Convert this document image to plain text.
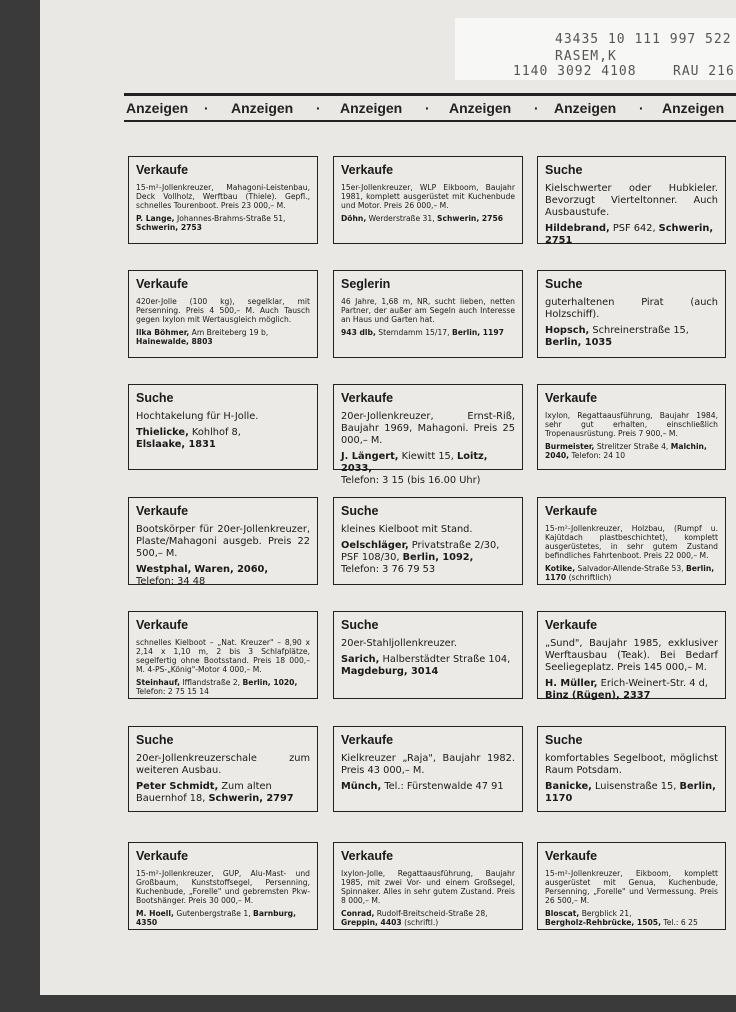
43435 10 111 997 522
RASEM,K
1140 3092 4108	RAU 216
Anzeigen · Anzeigen · Anzeigen · Anzeigen · Anzeigen · Anzeigen
Verkaufe
15-m²-Jollenkreuzer, Mahagoni-Leistenbau, Deck Vollholz, Werftbau (Thiele). Gepfl., schnelles Tourenboot. Preis 23 000,– M.
P. Lange, Johannes-Brahms-Straße 51, Schwerin, 2753
Verkaufe
15er-Jollenkreuzer, WLP Eikboom, Baujahr 1981, komplett ausgerüstet mit Kuchenbude und Motor. Preis 26 000,– M.
Döhn, Werderstraße 31, Schwerin, 2756
Suche
Kielschwerter oder Hubkieler. Bevorzugt Vierteltonner. Auch Ausbaustufe.
Hildebrand, PSF 642, Schwerin, 2751
Verkaufe
420er-Jolle (100 kg), segelklar, mit Persenning. Preis 4 500,– M. Auch Tausch gegen Ixylon mit Wertausgleich möglich.
Ilka Böhmer, Am Breiteberg 19 b, Hainewalde, 8803
Seglerin
46 Jahre, 1,68 m, NR, sucht lieben, netten Partner, der außer am Segeln auch Interesse an Haus und Garten hat.
943 dlb, Sterndamm 15/17, Berlin, 1197
Suche
guterhaltenen Pirat (auch Holzschiff).
Hopsch, Schreinerstraße 15, Berlin, 1035
Suche
Hochtakelung für H-Jolle.
Thielicke, Kohlhof 8,
Elslaake, 1831
Verkaufe
20er-Jollenkreuzer, Ernst-Riß, Baujahr 1969, Mahagoni. Preis 25 000,– M.
J. Längert, Kiewitt 15, Loitz, 2033,
Telefon: 3 15 (bis 16.00 Uhr)
Verkaufe
Ixylon, Regattaausführung, Baujahr 1984, sehr gut erhalten, einschließlich Tropenausrüstung. Preis 7 900,– M.
Burmeister, Strelitzer Straße 4, Malchin, 2040, Telefon: 24 10
Verkaufe
Bootskörper für 20er-Jollenkreuzer, Plaste/Mahagoni ausgeb. Preis 22 500,– M.
Westphal, Waren, 2060,
Telefon: 34 48
Suche
kleines Kielboot mit Stand.
Oelschläger, Privatstraße 2/30, PSF 108/30, Berlin, 1092,
Telefon: 3 76 79 53
Verkaufe
15-m²-Jollenkreuzer, Holzbau, (Rumpf u. Kajütdach plastbeschichtet), komplett ausgerüstetes, in sehr gutem Zustand befindliches Fahrtenboot. Preis 22 000,– M.
Kotike, Salvador-Allende-Straße 53, Berlin, 1170 (schriftlich)
Verkaufe
schnelles Kielboot – „Nat. Kreuzer" – 8,90 x 2,14 x 1,10 m, 2 bis 3 Schlafplätze, segelfertig ohne Bootsstand. Preis 18 000,– M. 4-PS-„König"-Motor 4 000,– M.
Steinhauf, Ifflandstraße 2, Berlin, 1020, Telefon: 2 75 15 14
Suche
20er-Stahljollenkreuzer.
Sarich, Halberstädter Straße 104, Magdeburg, 3014
Verkaufe
„Sund", Baujahr 1985, exklusiver Werftausbau (Teak). Bei Bedarf Seeliegeplatz. Preis 145 000,– M.
H. Müller, Erich-Weinert-Str. 4 d, Binz (Rügen), 2337
Suche
20er-Jollenkreuzerschale zum weiteren Ausbau.
Peter Schmidt, Zum alten Bauernhof 18, Schwerin, 2797
Verkaufe
Kielkreuzer „Raja", Baujahr 1982. Preis 43 000,– M.
Münch, Tel.: Fürstenwalde 47 91
Suche
komfortables Segelboot, möglichst Raum Potsdam.
Banicke, Luisenstraße 15, Berlin, 1170
Verkaufe
15-m²-Jollenkreuzer, GUP, Alu-Mast- und Großbaum, Kunststoffsegel, Persenning, Kuchenbude, „Forelle" und gebremsten Pkw-Bootshänger. Preis 30 000,– M.
M. Hoell, Gutenbergstraße 1, Barnburg, 4350
Verkaufe
Ixylon-Jolle, Regattaausführung, Baujahr 1985, mit zwei Vor- und einem Großsegel, Spinnaker. Alles in sehr gutem Zustand. Preis 8 000,– M.
Conrad, Rudolf-Breitscheid-Straße 28, Greppin, 4403 (schriftl.)
Verkaufe
15-m²-Jollenkreuzer, Eikboom, komplett ausgerüstet mit Genua, Kuchenbude, Persenning, „Forelle" und Vermessung. Preis 26 500,– M.
Bloscat, Bergblick 21,
Bergholz-Rehbrücke, 1505, Tel.: 6 25
